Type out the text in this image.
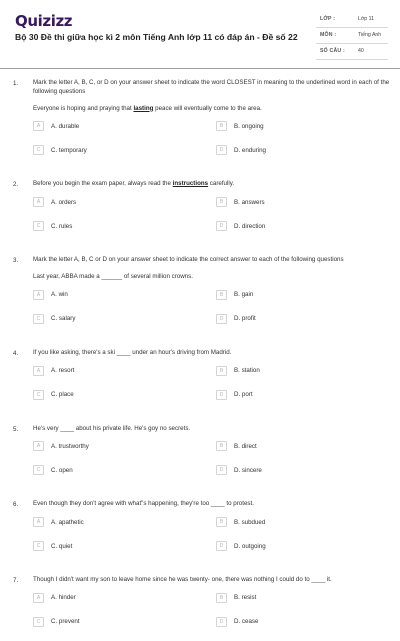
Quizizz
Bộ 30 Đề thi giữa học kì 2 môn Tiếng Anh lớp 11 có đáp án - Đề số 22
LỚP :	Lớp 11
MÔN :	Tiếng Anh
SỐ CÂU :	40
1. Mark the letter A, B, C, or D on your answer sheet to indicate the word CLOSEST in meaning to the underlined word in each of the following questions
Everyone is hoping and praying that lasting peace will eventually come to the area.
A	A. durable	B	B. ongoing
C	C. temporary	D	D. enduring
2. Before you begin the exam paper, always read the instructions carefully.
A	A. orders	B	B. answers
C	C. rules	D	D. direction
3. Mark the letter A, B, C or D on your answer sheet to indicate the correct answer to each of the following questions
Last year, ABBA made a ______ of several million crowns.
A	A. win	B	B. gain
C	C. salary	D	D. profit
4. If you like asking, there's a ski ____ under an hour's driving from Madrid.
A	A. resort	B	B. station
C	C. place	D	D. port
5. He's very ____ about his private life. He's goy no secrets.
A	A. trustworthy	B	B. direct
C	C. open	D	D. sincere
6. Even though they don't agree with what"s happening, they're too ____ to protest.
A	A. apathetic	B	B. subdued
C	C. quiet	D	D. outgoing
7. Though I didn't want my son to leave home since he was twenty- one, there was nothing I could do to ____ it.
A	A. hinder	B	B. resist
C	C. prevent	D	D. cease
